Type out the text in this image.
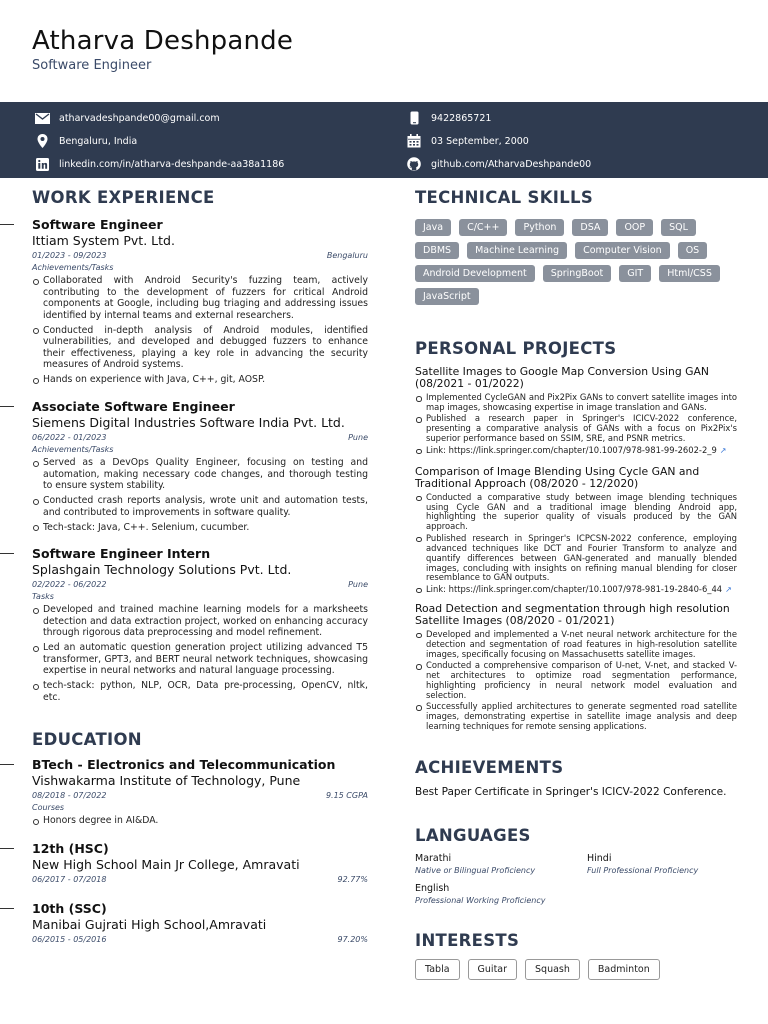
Atharva Deshpande
Software Engineer
atharvadeshpande00@gmail.com
Bengaluru, India
linkedin.com/in/atharva-deshpande-aa38a1186
9422865721
03 September, 2000
github.com/AtharvaDeshpande00
WORK EXPERIENCE
Software Engineer
Ittiam System Pvt. Ltd.
01/2023 - 09/2023	Bengaluru
Achievements/Tasks
Collaborated with Android Security's fuzzing team, actively contributing to the development of fuzzers for critical Android components at Google, including bug triaging and addressing issues identified by internal teams and external researchers.
Conducted in-depth analysis of Android modules, identified vulnerabilities, and developed and debugged fuzzers to enhance their effectiveness, playing a key role in advancing the security measures of Android systems.
Hands on experience with Java, C++, git, AOSP.
Associate Software Engineer
Siemens Digital Industries Software India Pvt. Ltd.
06/2022 - 01/2023	Pune
Achievements/Tasks
Served as a DevOps Quality Engineer, focusing on testing and automation, making necessary code changes, and thorough testing to ensure system stability.
Conducted crash reports analysis, wrote unit and automation tests, and contributed to improvements in software quality.
Tech-stack: Java, C++. Selenium, cucumber.
Software Engineer Intern
Splashgain Technology Solutions Pvt. Ltd.
02/2022 - 06/2022	Pune
Tasks
Developed and trained machine learning models for a marksheets detection and data extraction project, worked on enhancing accuracy through rigorous data preprocessing and model refinement.
Led an automatic question generation project utilizing advanced T5 transformer, GPT3, and BERT neural network techniques, showcasing expertise in neural networks and natural language processing.
tech-stack: python, NLP, OCR, Data pre-processing, OpenCV, nltk, etc.
EDUCATION
BTech - Electronics and Telecommunication
Vishwakarma Institute of Technology, Pune
08/2018 - 07/2022	9.15 CGPA
Courses
Honors degree in AI&DA.
12th (HSC)
New High School Main Jr College, Amravati
06/2017 - 07/2018	92.77%
10th (SSC)
Manibai Gujrati High School,Amravati
06/2015 - 05/2016	97.20%
TECHNICAL SKILLS
Java	C/C++	Python	DSA	OOP	SQL
DBMS	Machine Learning	Computer Vision	OS
Android Development	SpringBoot	GIT	Html/CSS
JavaScript
PERSONAL PROJECTS
Satellite Images to Google Map Conversion Using GAN (08/2021 - 01/2022)
Implemented CycleGAN and Pix2Pix GANs to convert satellite images into map images, showcasing expertise in image translation and GANs.
Published a research paper in Springer's ICICV-2022 conference, presenting a comparative analysis of GANs with a focus on Pix2Pix's superior performance based on SSIM, SRE, and PSNR metrics.
Link: https://link.springer.com/chapter/10.1007/978-981-99-2602-2_9 ↗
Comparison of Image Blending Using Cycle GAN and Traditional Approach (08/2020 - 12/2020)
Conducted a comparative study between image blending techniques using Cycle GAN and a traditional image blending Android app, highlighting the superior quality of visuals produced by the GAN approach.
Published research in Springer's ICPCSN-2022 conference, employing advanced techniques like DCT and Fourier Transform to analyze and quantify differences between GAN-generated and manually blended images, concluding with insights on refining manual blending for closer resemblance to GAN outputs.
Link: https://link.springer.com/chapter/10.1007/978-981-19-2840-6_44 ↗
Road Detection and segmentation through high resolution Satellite Images (08/2020 - 01/2021)
Developed and implemented a V-net neural network architecture for the detection and segmentation of road features in high-resolution satellite images, specifically focusing on Massachusetts satellite images.
Conducted a comprehensive comparison of U-net, V-net, and stacked V-net architectures to optimize road segmentation performance, highlighting proficiency in neural network model evaluation and selection.
Successfully applied architectures to generate segmented road satellite images, demonstrating expertise in satellite image analysis and deep learning techniques for remote sensing applications.
ACHIEVEMENTS
Best Paper Certificate in Springer's ICICV-2022 Conference.
LANGUAGES
Marathi
Native or Bilingual Proficiency
Hindi
Full Professional Proficiency
English
Professional Working Proficiency
INTERESTS
Tabla	Guitar	Squash	Badminton
